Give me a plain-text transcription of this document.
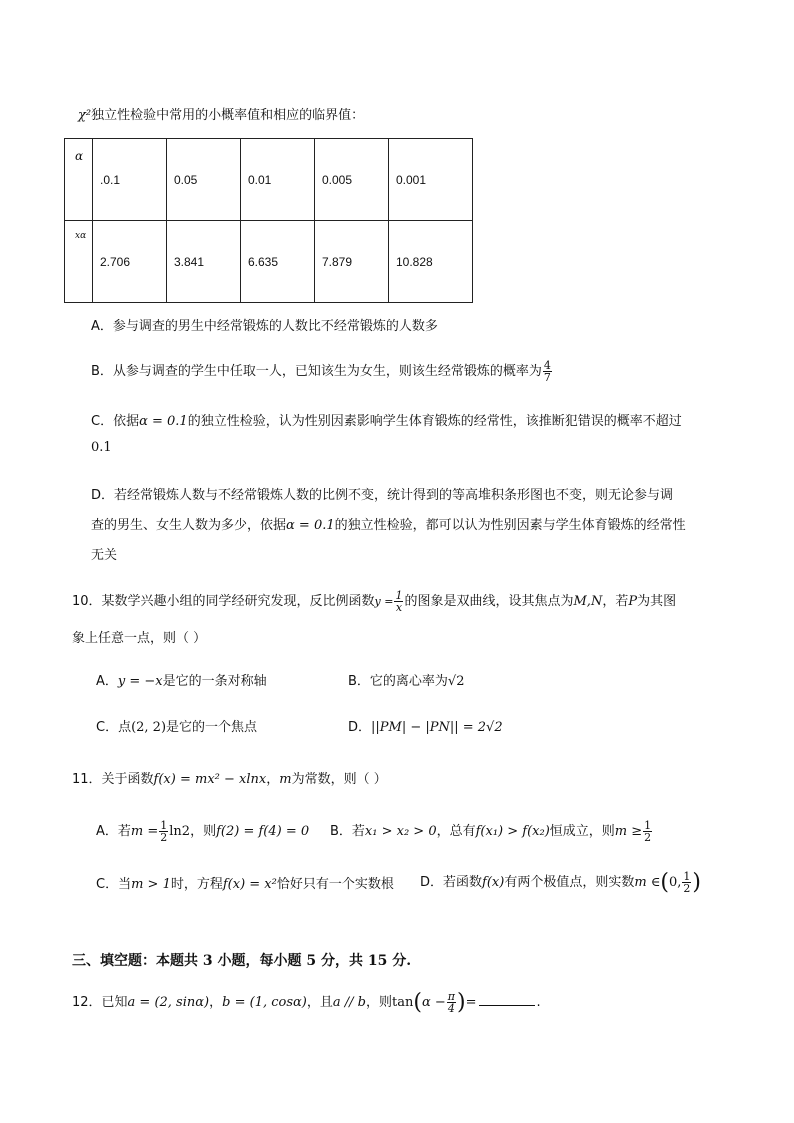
χ²独立性检验中常用的小概率值和相应的临界值：
α	.0.1	0.05	0.01	0.005	0.001

xα	2.706	3.841	6.635	7.879	10.828
A．参与调查的男生中经常锻炼的人数比不经常锻炼的人数多
B．从参与调查的学生中任取一人，已知该生为女生，则该生经常锻炼的概率为 $\frac{4}{7}$
C．依据α = 0.1的独立性检验，认为性别因素影响学生体育锻炼的经常性，该推断犯错误的概率不超过
0.1
D．若经常锻炼人数与不经常锻炼人数的比例不变，统计得到的等高堆积条形图也不变，则无论参与调
查的男生、女生人数为多少，依据α = 0.1的独立性检验，都可以认为性别因素与学生体育锻炼的经常性
无关
10．某数学兴趣小组的同学经研究发现，反比例函数$y = \frac{1}{x}$ 的图象是双曲线，设其焦点为M,N，若P为其图
象上任意一点，则（ ）
A．y = −x是它的一条对称轴	B．它的离心率为√2
C．点(2, 2)是它的一个焦点	D．||PM| − |PN|| = 2√2
11．关于函数f(x) = mx² − xlnx，m为常数，则（ ）
A．若$m = \frac{1}{2} \ln 2$，则f(2) = f(4) = 0 B．若x₁ > x₂ > 0，总有f(x₁) > f(x₂)恒成立，则$m \ge \frac{1}{2}$
C．当m > 1时，方程f(x) = x²恰好只有一个实数根 D．若函数f(x)有两个极值点，则实数m ∈(0, $\frac{1}{2}$ )
三、填空题：本题共 3 小题，每小题 5 分，共 15 分.
12．已知a = (2, sinα)，b = (1, cosα)，且a // b，则$\tan(\alpha - \frac{\pi}{4}$ )=	.
